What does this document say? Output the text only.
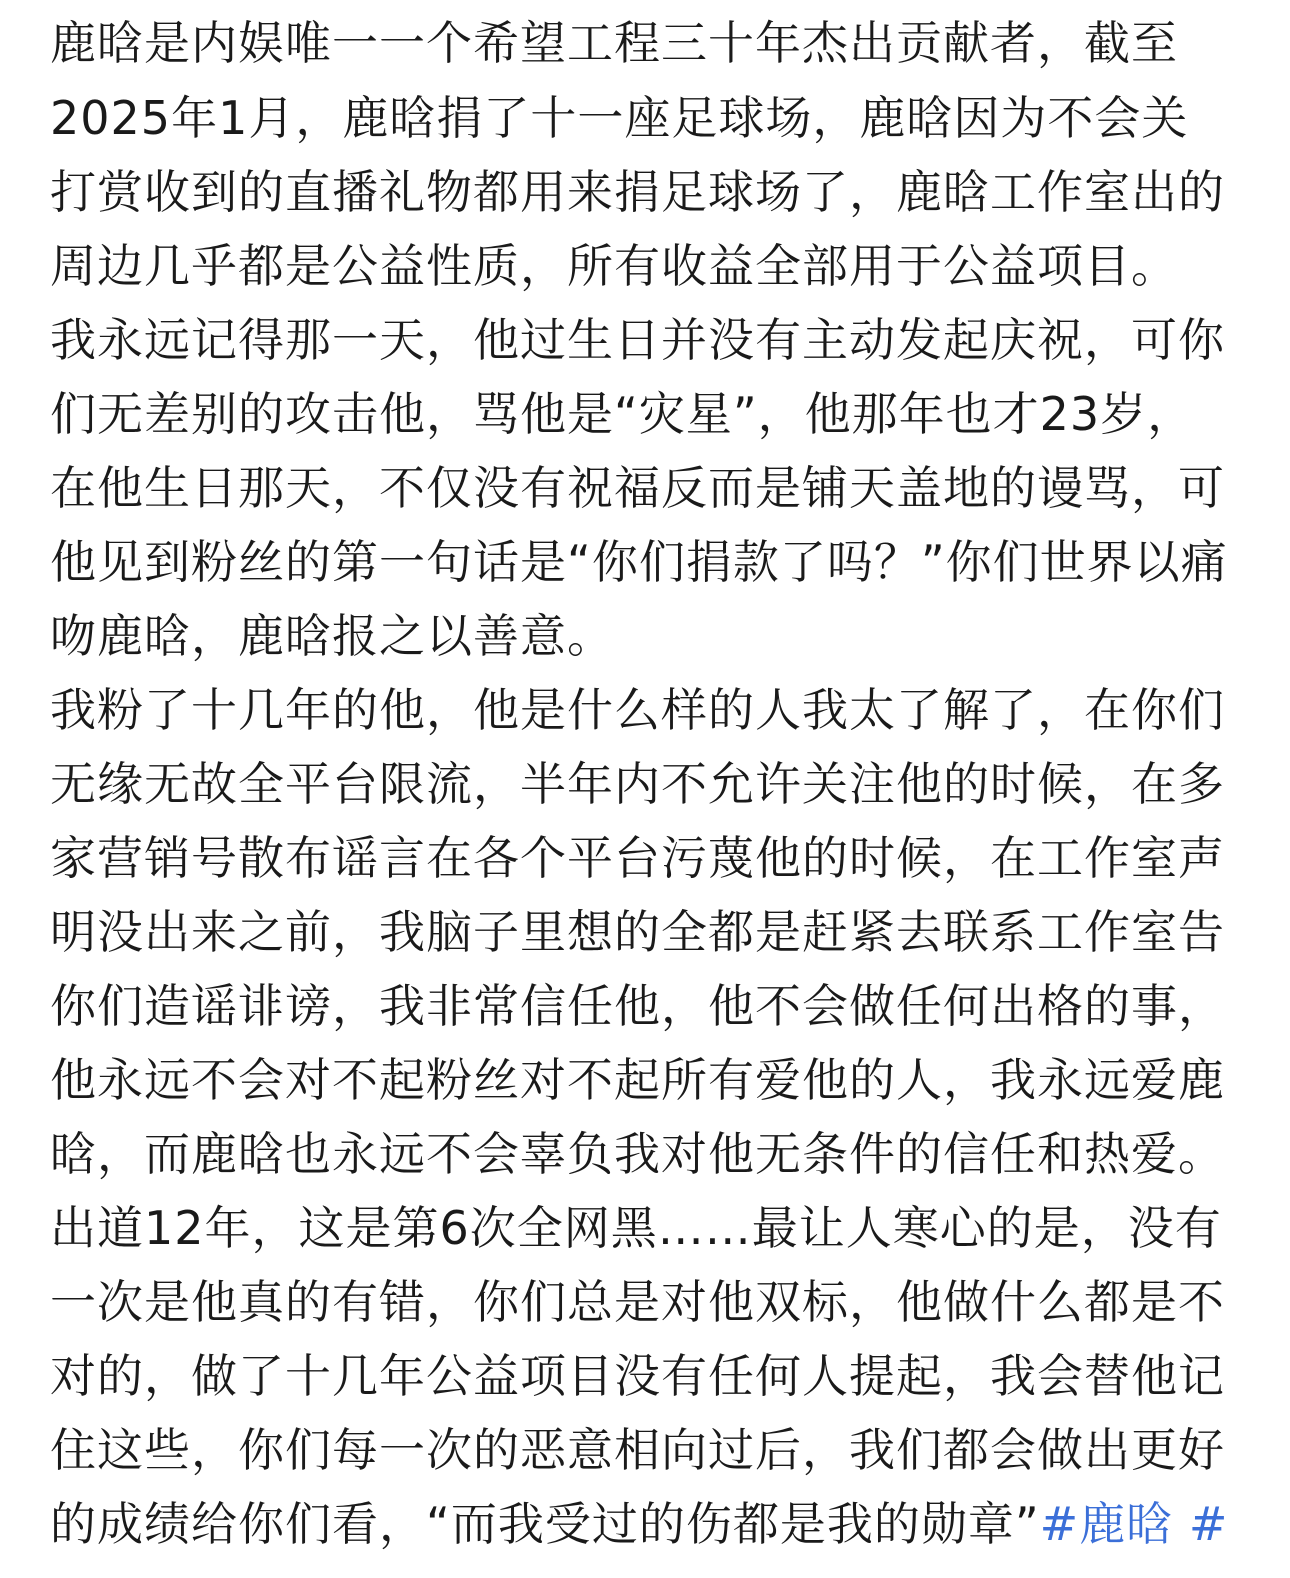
鹿晗是内娱唯一一个希望工程三十年杰出贡献者，截至
2025年1月，鹿晗捐了十一座足球场，鹿晗因为不会关
打赏收到的直播礼物都用来捐足球场了，鹿晗工作室出的
周边几乎都是公益性质，所有收益全部用于公益项目。
我永远记得那一天，他过生日并没有主动发起庆祝，可你
们无差别的攻击他，骂他是“灾星”，他那年也才23岁，
在他生日那天，不仅没有祝福反而是铺天盖地的谩骂，可
他见到粉丝的第一句话是“你们捐款了吗？”你们世界以痛
吻鹿晗，鹿晗报之以善意。
我粉了十几年的他，他是什么样的人我太了解了，在你们
无缘无故全平台限流，半年内不允许关注他的时候，在多
家营销号散布谣言在各个平台污蔑他的时候，在工作室声
明没出来之前，我脑子里想的全都是赶紧去联系工作室告
你们造谣诽谤，我非常信任他，他不会做任何出格的事，
他永远不会对不起粉丝对不起所有爱他的人，我永远爱鹿
晗，而鹿晗也永远不会辜负我对他无条件的信任和热爱。
出道12年，这是第6次全网黑……最让人寒心的是，没有
一次是他真的有错，你们总是对他双标，他做什么都是不
对的，做了十几年公益项目没有任何人提起，我会替他记
住这些，你们每一次的恶意相向过后，我们都会做出更好
的成绩给你们看，“而我受过的伤都是我的勋章”#鹿晗 #
